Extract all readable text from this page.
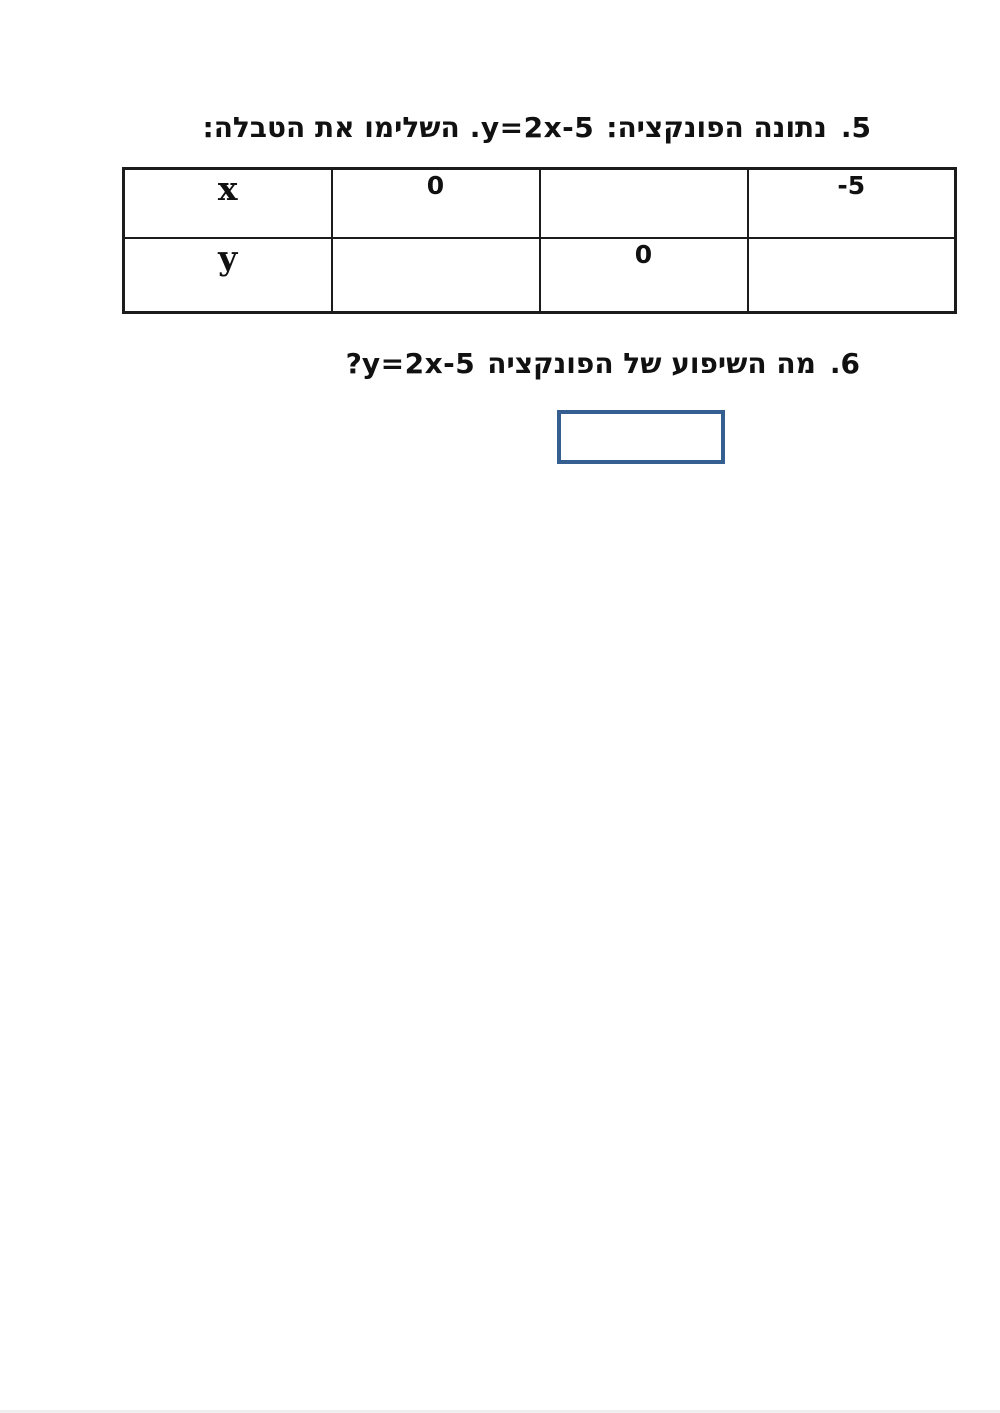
5.נתונה הפונקציה:y=2x-5.השלימו את הטבלה:
x	0		-5
y		0	
6.מה השיפוע של הפונקציהy=2x-5?
